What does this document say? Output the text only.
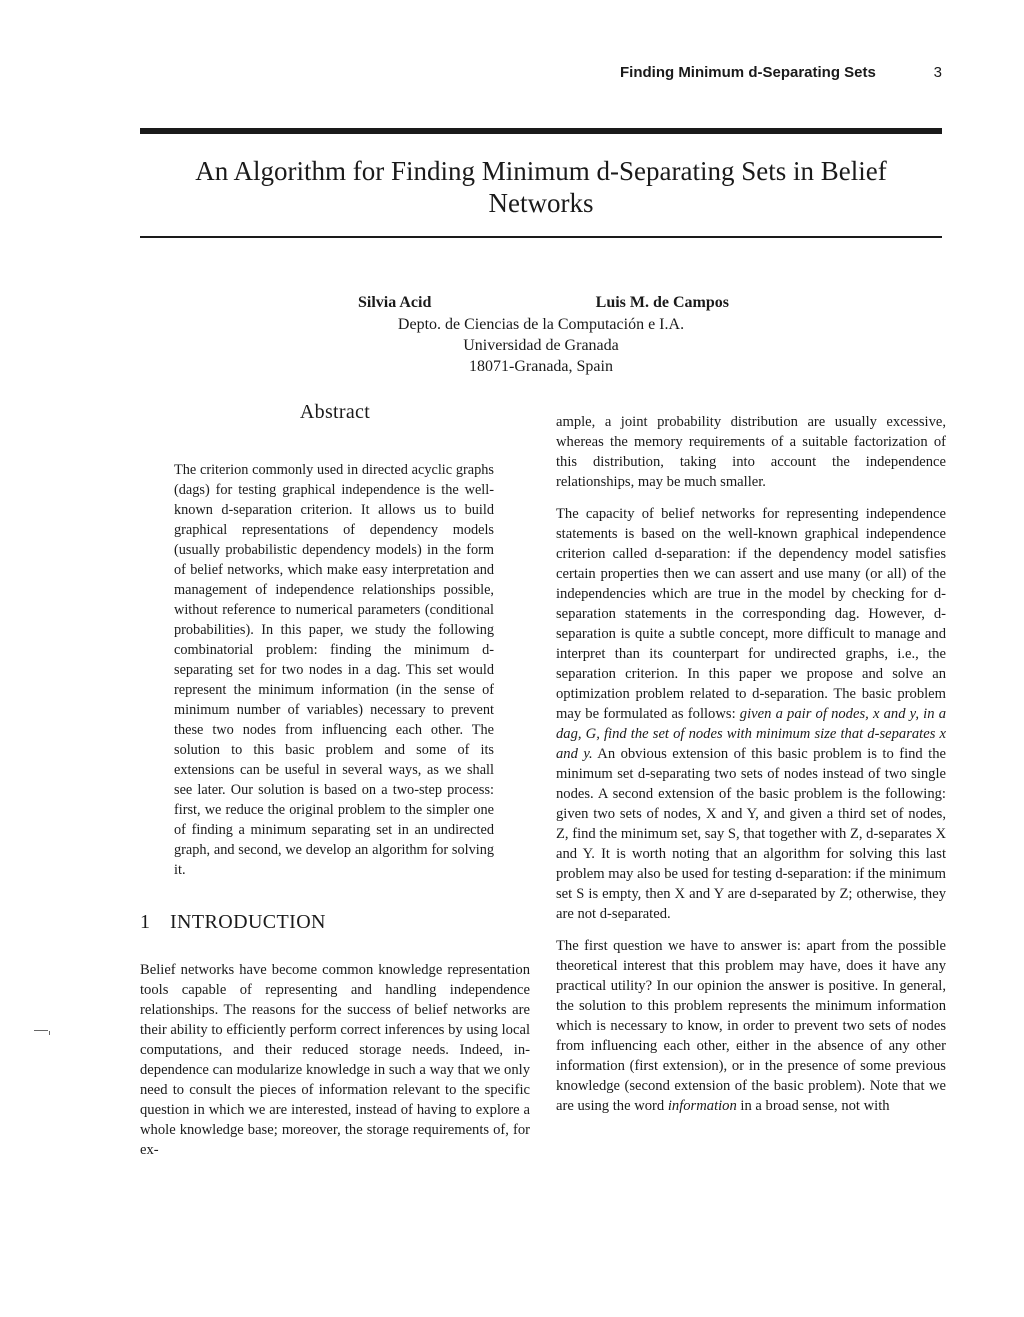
Finding Minimum d-Separating Sets	3
An Algorithm for Finding Minimum d-Separating Sets in Belief Networks
Silvia Acid	Luis M. de Campos
Depto. de Ciencias de la Computación e I.A.
Universidad de Granada
18071-Granada, Spain
Abstract

The criterion commonly used in directed acyclic graphs (dags) for testing graphical independence is the well-known d-separation criterion. It allows us to build graphical representations of dependency models (usually probabilistic dependency models) in the form of belief networks, which make easy interpretation and management of independence relationships possible, without reference to numerical parameters (conditional probabilities). In this paper, we study the following combinatorial problem: finding the minimum d-separating set for two nodes in a dag. This set would represent the minimum information (in the sense of minimum number of variables) necessary to prevent these two nodes from influencing each other. The solution to this basic problem and some of its extensions can be useful in several ways, as we shall see later. Our solution is based on a two-step process: first, we reduce the original problem to the simpler one of finding a minimum separating set in an undirected graph, and second, we develop an algorithm for solving it.

1 INTRODUCTION

Belief networks have become common knowledge representation tools capable of representing and handling independence relationships. The reasons for the success of belief networks are their ability to efficiently perform correct inferences by using local computations, and their reduced storage needs. Indeed, independence can modularize knowledge in such a way that we only need to consult the pieces of information relevant to the specific question in which we are interested, instead of having to explore a whole knowledge base; moreover, the storage requirements of, for ex-

ample, a joint probability distribution are usually excessive, whereas the memory requirements of a suitable factorization of this distribution, taking into account the independence relationships, may be much smaller.

The capacity of belief networks for representing independence statements is based on the well-known graphical independence criterion called d-separation: if the dependency model satisfies certain properties then we can assert and use many (or all) of the independencies which are true in the model by checking for d-separation statements in the corresponding dag. However, d-separation is quite a subtle concept, more difficult to manage and interpret than its counterpart for undirected graphs, i.e., the separation criterion. In this paper we propose and solve an optimization problem related to d-separation. The basic problem may be formulated as follows: given a pair of nodes, x and y, in a dag, G, find the set of nodes with minimum size that d-separates x and y. An obvious extension of this basic problem is to find the minimum set d-separating two sets of nodes instead of two single nodes. A second extension of the basic problem is the following: given two sets of nodes, X and Y, and given a third set of nodes, Z, find the minimum set, say S, that together with Z, d-separates X and Y. It is worth noting that an algorithm for solving this last problem may also be used for testing d-separation: if the minimum set S is empty, then X and Y are d-separated by Z; otherwise, they are not d-separated.

The first question we have to answer is: apart from the possible theoretical interest that this problem may have, does it have any practical utility? In our opinion the answer is positive. In general, the solution to this problem represents the minimum information which is necessary to know, in order to prevent two sets of nodes from influencing each other, either in the absence of any other information (first extension), or in the presence of some previous knowledge (second extension of the basic problem). Note that we are using the word information in a broad sense, not with
